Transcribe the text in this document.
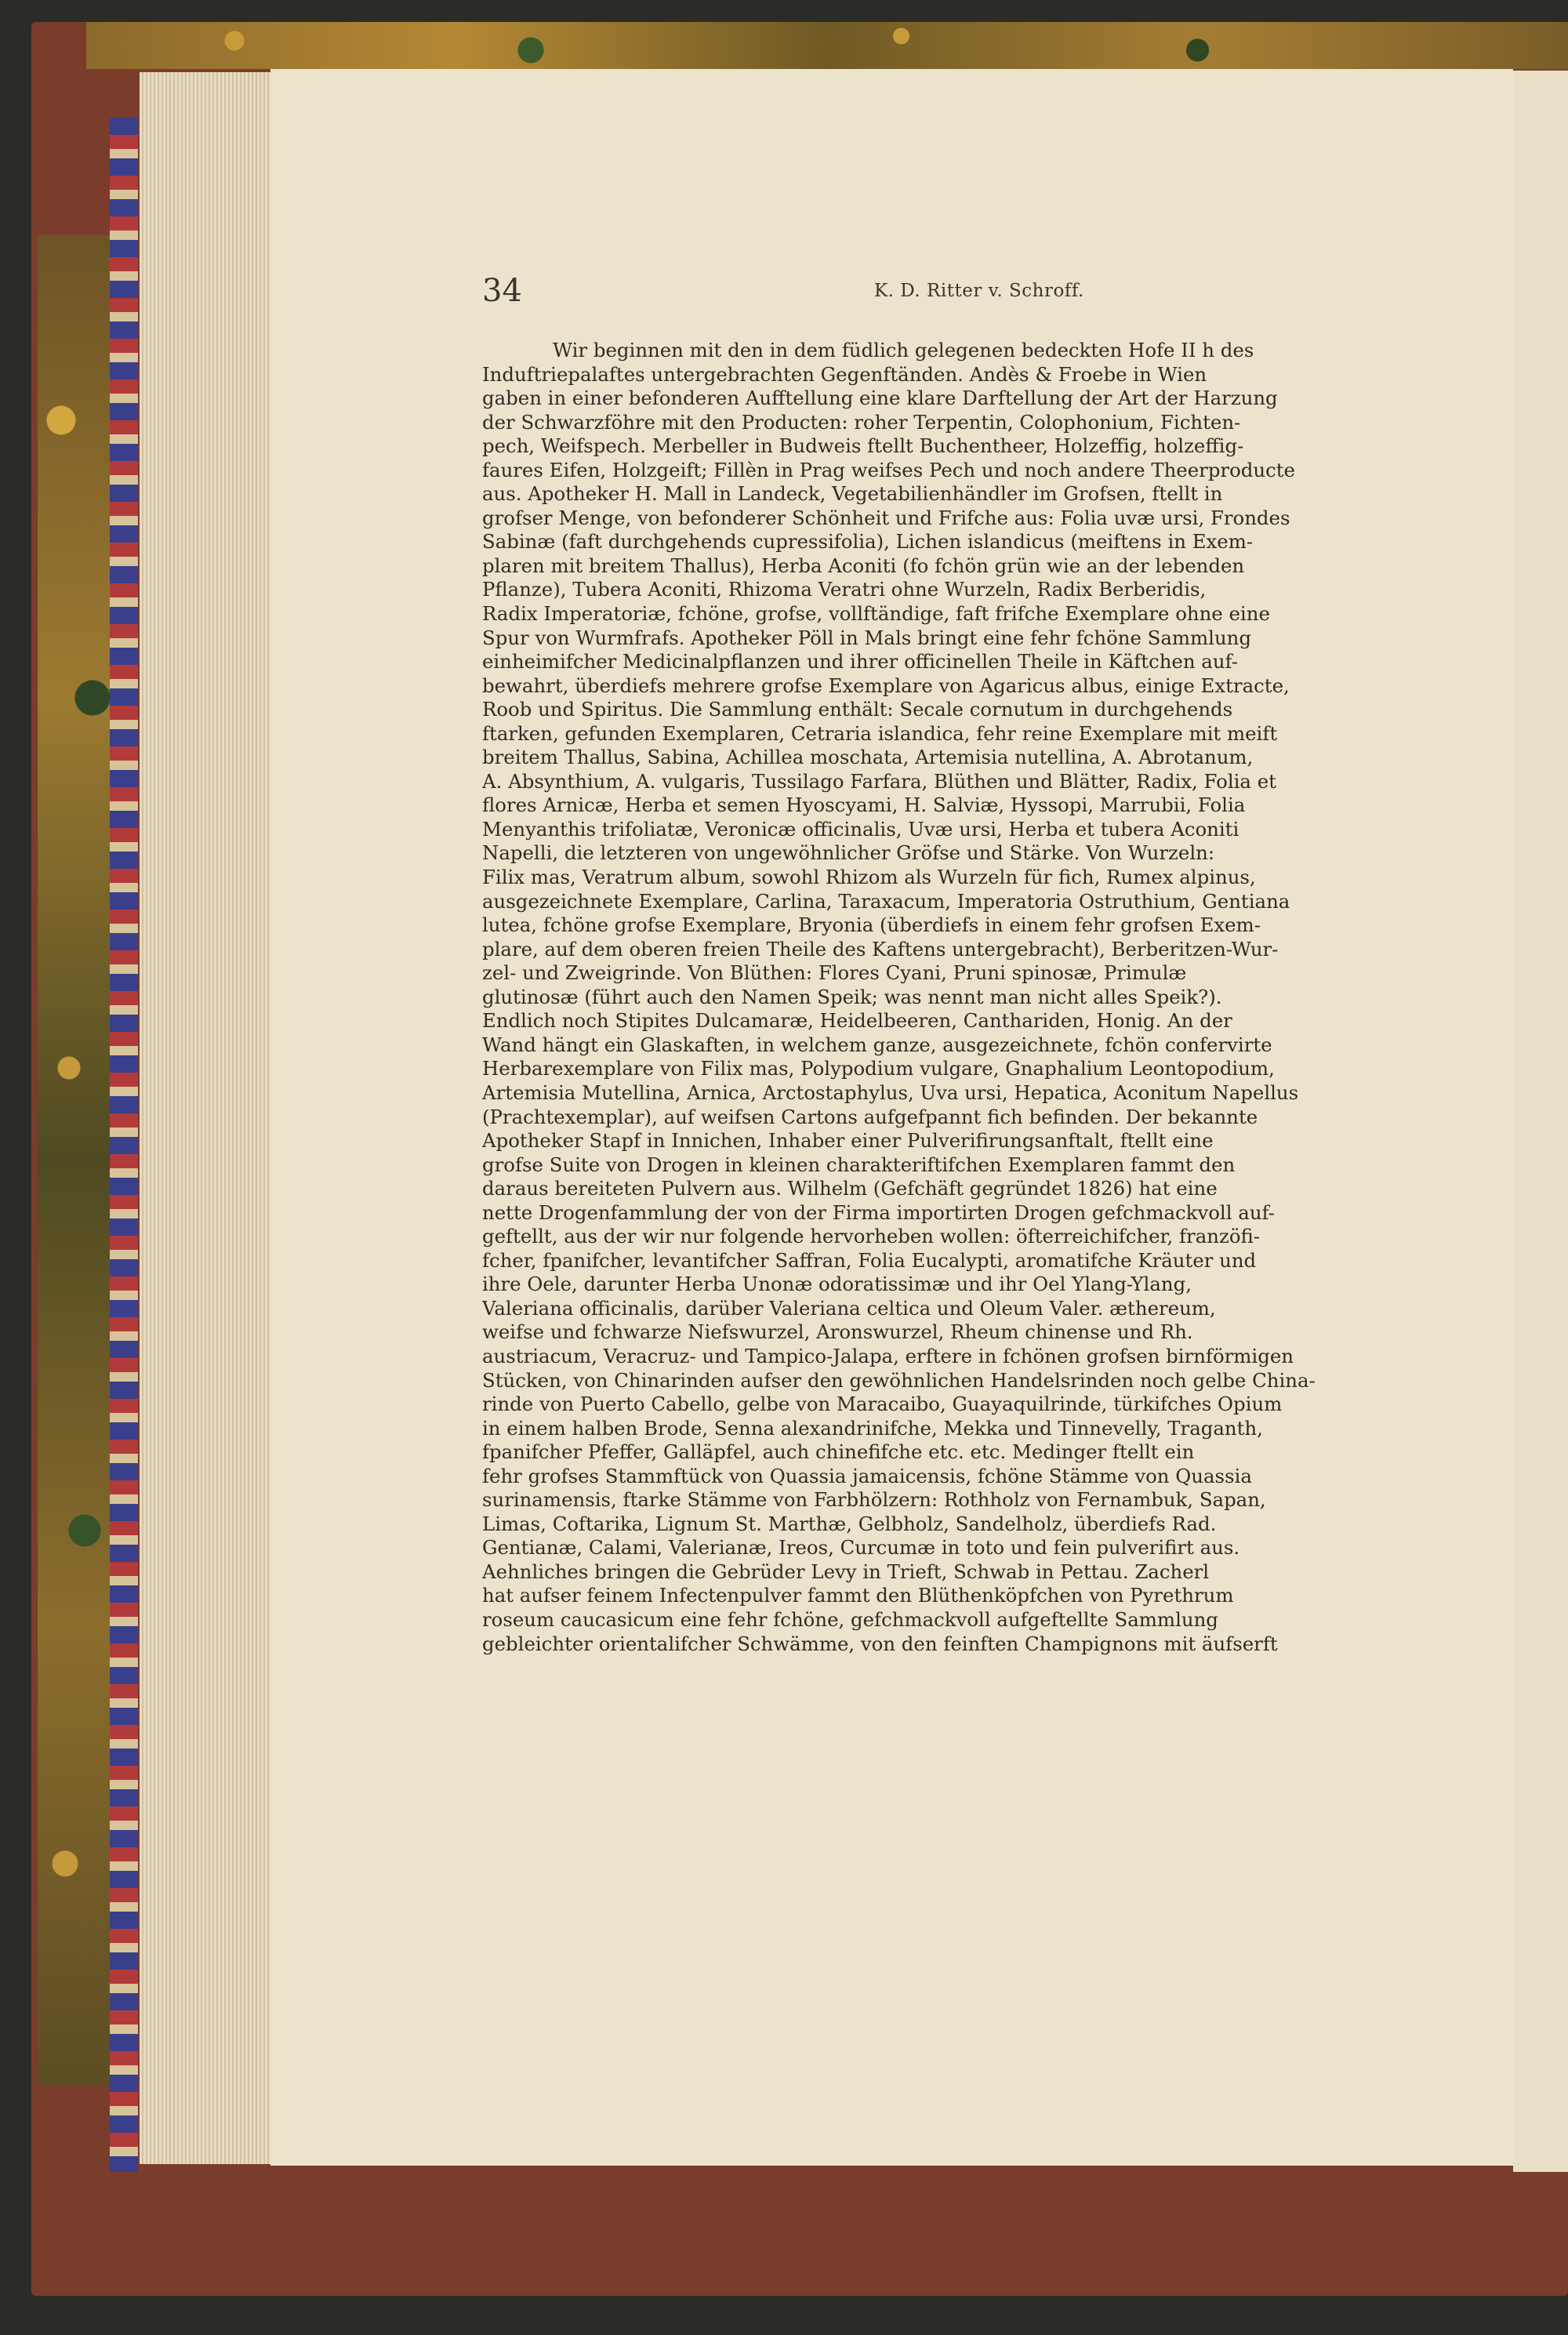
34	K. D. Ritter v. Schroff.
Wir beginnen mit den in dem füdlich gelegenen bedeckten Hofe II h des
Induftriepalaftes untergebrachten Gegenftänden. Andès & Froebe in Wien
gaben in einer befonderen Aufftellung eine klare Darftellung der Art der Harzung
der Schwarzföhre mit den Producten: roher Terpentin, Colophonium, Fichten-
pech, Weifspech. Merbeller in Budweis ftellt Buchentheer, Holzeffig, holzeffig-
faures Eifen, Holzgeift; Fillèn in Prag weifses Pech und noch andere Theerproducte
aus. Apotheker H. Mall in Landeck, Vegetabilienhändler im Grofsen, ftellt in
grofser Menge, von befonderer Schönheit und Frifche aus: Folia uvæ ursi, Frondes
Sabinæ (faft durchgehends cupressifolia), Lichen islandicus (meiftens in Exem-
plaren mit breitem Thallus), Herba Aconiti (fo fchön grün wie an der lebenden
Pflanze), Tubera Aconiti, Rhizoma Veratri ohne Wurzeln, Radix Berberidis,
Radix Imperatoriæ, fchöne, grofse, vollftändige, faft frifche Exemplare ohne eine
Spur von Wurmfrafs. Apotheker Pöll in Mals bringt eine fehr fchöne Sammlung
einheimifcher Medicinalpflanzen und ihrer officinellen Theile in Käftchen auf-
bewahrt, überdiefs mehrere grofse Exemplare von Agaricus albus, einige Extracte,
Roob und Spiritus. Die Sammlung enthält: Secale cornutum in durchgehends
ftarken, gefunden Exemplaren, Cetraria islandica, fehr reine Exemplare mit meift
breitem Thallus, Sabina, Achillea moschata, Artemisia nutellina, A. Abrotanum,
A. Absynthium, A. vulgaris, Tussilago Farfara, Blüthen und Blätter, Radix, Folia et
flores Arnicæ, Herba et semen Hyoscyami, H. Salviæ, Hyssopi, Marrubii, Folia
Menyanthis trifoliatæ, Veronicæ officinalis, Uvæ ursi, Herba et tubera Aconiti
Napelli, die letzteren von ungewöhnlicher Gröfse und Stärke. Von Wurzeln:
Filix mas, Veratrum album, sowohl Rhizom als Wurzeln für fich, Rumex alpinus,
ausgezeichnete Exemplare, Carlina, Taraxacum, Imperatoria Ostruthium, Gentiana
lutea, fchöne grofse Exemplare, Bryonia (überdiefs in einem fehr grofsen Exem-
plare, auf dem oberen freien Theile des Kaftens untergebracht), Berberitzen-Wur-
zel- und Zweigrinde. Von Blüthen: Flores Cyani, Pruni spinosæ, Primulæ
glutinosæ (führt auch den Namen Speik; was nennt man nicht alles Speik?).
Endlich noch Stipites Dulcamaræ, Heidelbeeren, Canthariden, Honig. An der
Wand hängt ein Glaskaften, in welchem ganze, ausgezeichnete, fchön confervirte
Herbarexemplare von Filix mas, Polypodium vulgare, Gnaphalium Leontopodium,
Artemisia Mutellina, Arnica, Arctostaphylus, Uva ursi, Hepatica, Aconitum Napellus
(Prachtexemplar), auf weifsen Cartons aufgefpannt fich befinden. Der bekannte
Apotheker Stapf in Innichen, Inhaber einer Pulverifirungsanftalt, ftellt eine
grofse Suite von Drogen in kleinen charakteriftifchen Exemplaren fammt den
daraus bereiteten Pulvern aus. Wilhelm (Gefchäft gegründet 1826) hat eine
nette Drogenfammlung der von der Firma importirten Drogen gefchmackvoll auf-
geftellt, aus der wir nur folgende hervorheben wollen: öfterreichifcher, franzöfi-
fcher, fpanifcher, levantifcher Saffran, Folia Eucalypti, aromatifche Kräuter und
ihre Oele, darunter Herba Unonæ odoratissimæ und ihr Oel Ylang-Ylang,
Valeriana officinalis, darüber Valeriana celtica und Oleum Valer. æthereum,
weifse und fchwarze Niefswurzel, Aronswurzel, Rheum chinense und Rh.
austriacum, Veracruz- und Tampico-Jalapa, erftere in fchönen grofsen birnförmigen
Stücken, von Chinarinden aufser den gewöhnlichen Handelsrinden noch gelbe China-
rinde von Puerto Cabello, gelbe von Maracaibo, Guayaquilrinde, türkifches Opium
in einem halben Brode, Senna alexandrinifche, Mekka und Tinnevelly, Traganth,
fpanifcher Pfeffer, Galläpfel, auch chinefifche etc. etc. Medinger ftellt ein
fehr grofses Stammftück von Quassia jamaicensis, fchöne Stämme von Quassia
surinamensis, ftarke Stämme von Farbhölzern: Rothholz von Fernambuk, Sapan,
Limas, Coftarika, Lignum St. Marthæ, Gelbholz, Sandelholz, überdiefs Rad.
Gentianæ, Calami, Valerianæ, Ireos, Curcumæ in toto und fein pulverifirt aus.
Aehnliches bringen die Gebrüder Levy in Trieft, Schwab in Pettau. Zacherl
hat aufser feinem Infectenpulver fammt den Blüthenköpfchen von Pyrethrum
roseum caucasicum eine fehr fchöne, gefchmackvoll aufgeftellte Sammlung
gebleichter orientalifcher Schwämme, von den feinften Champignons mit äufserft
